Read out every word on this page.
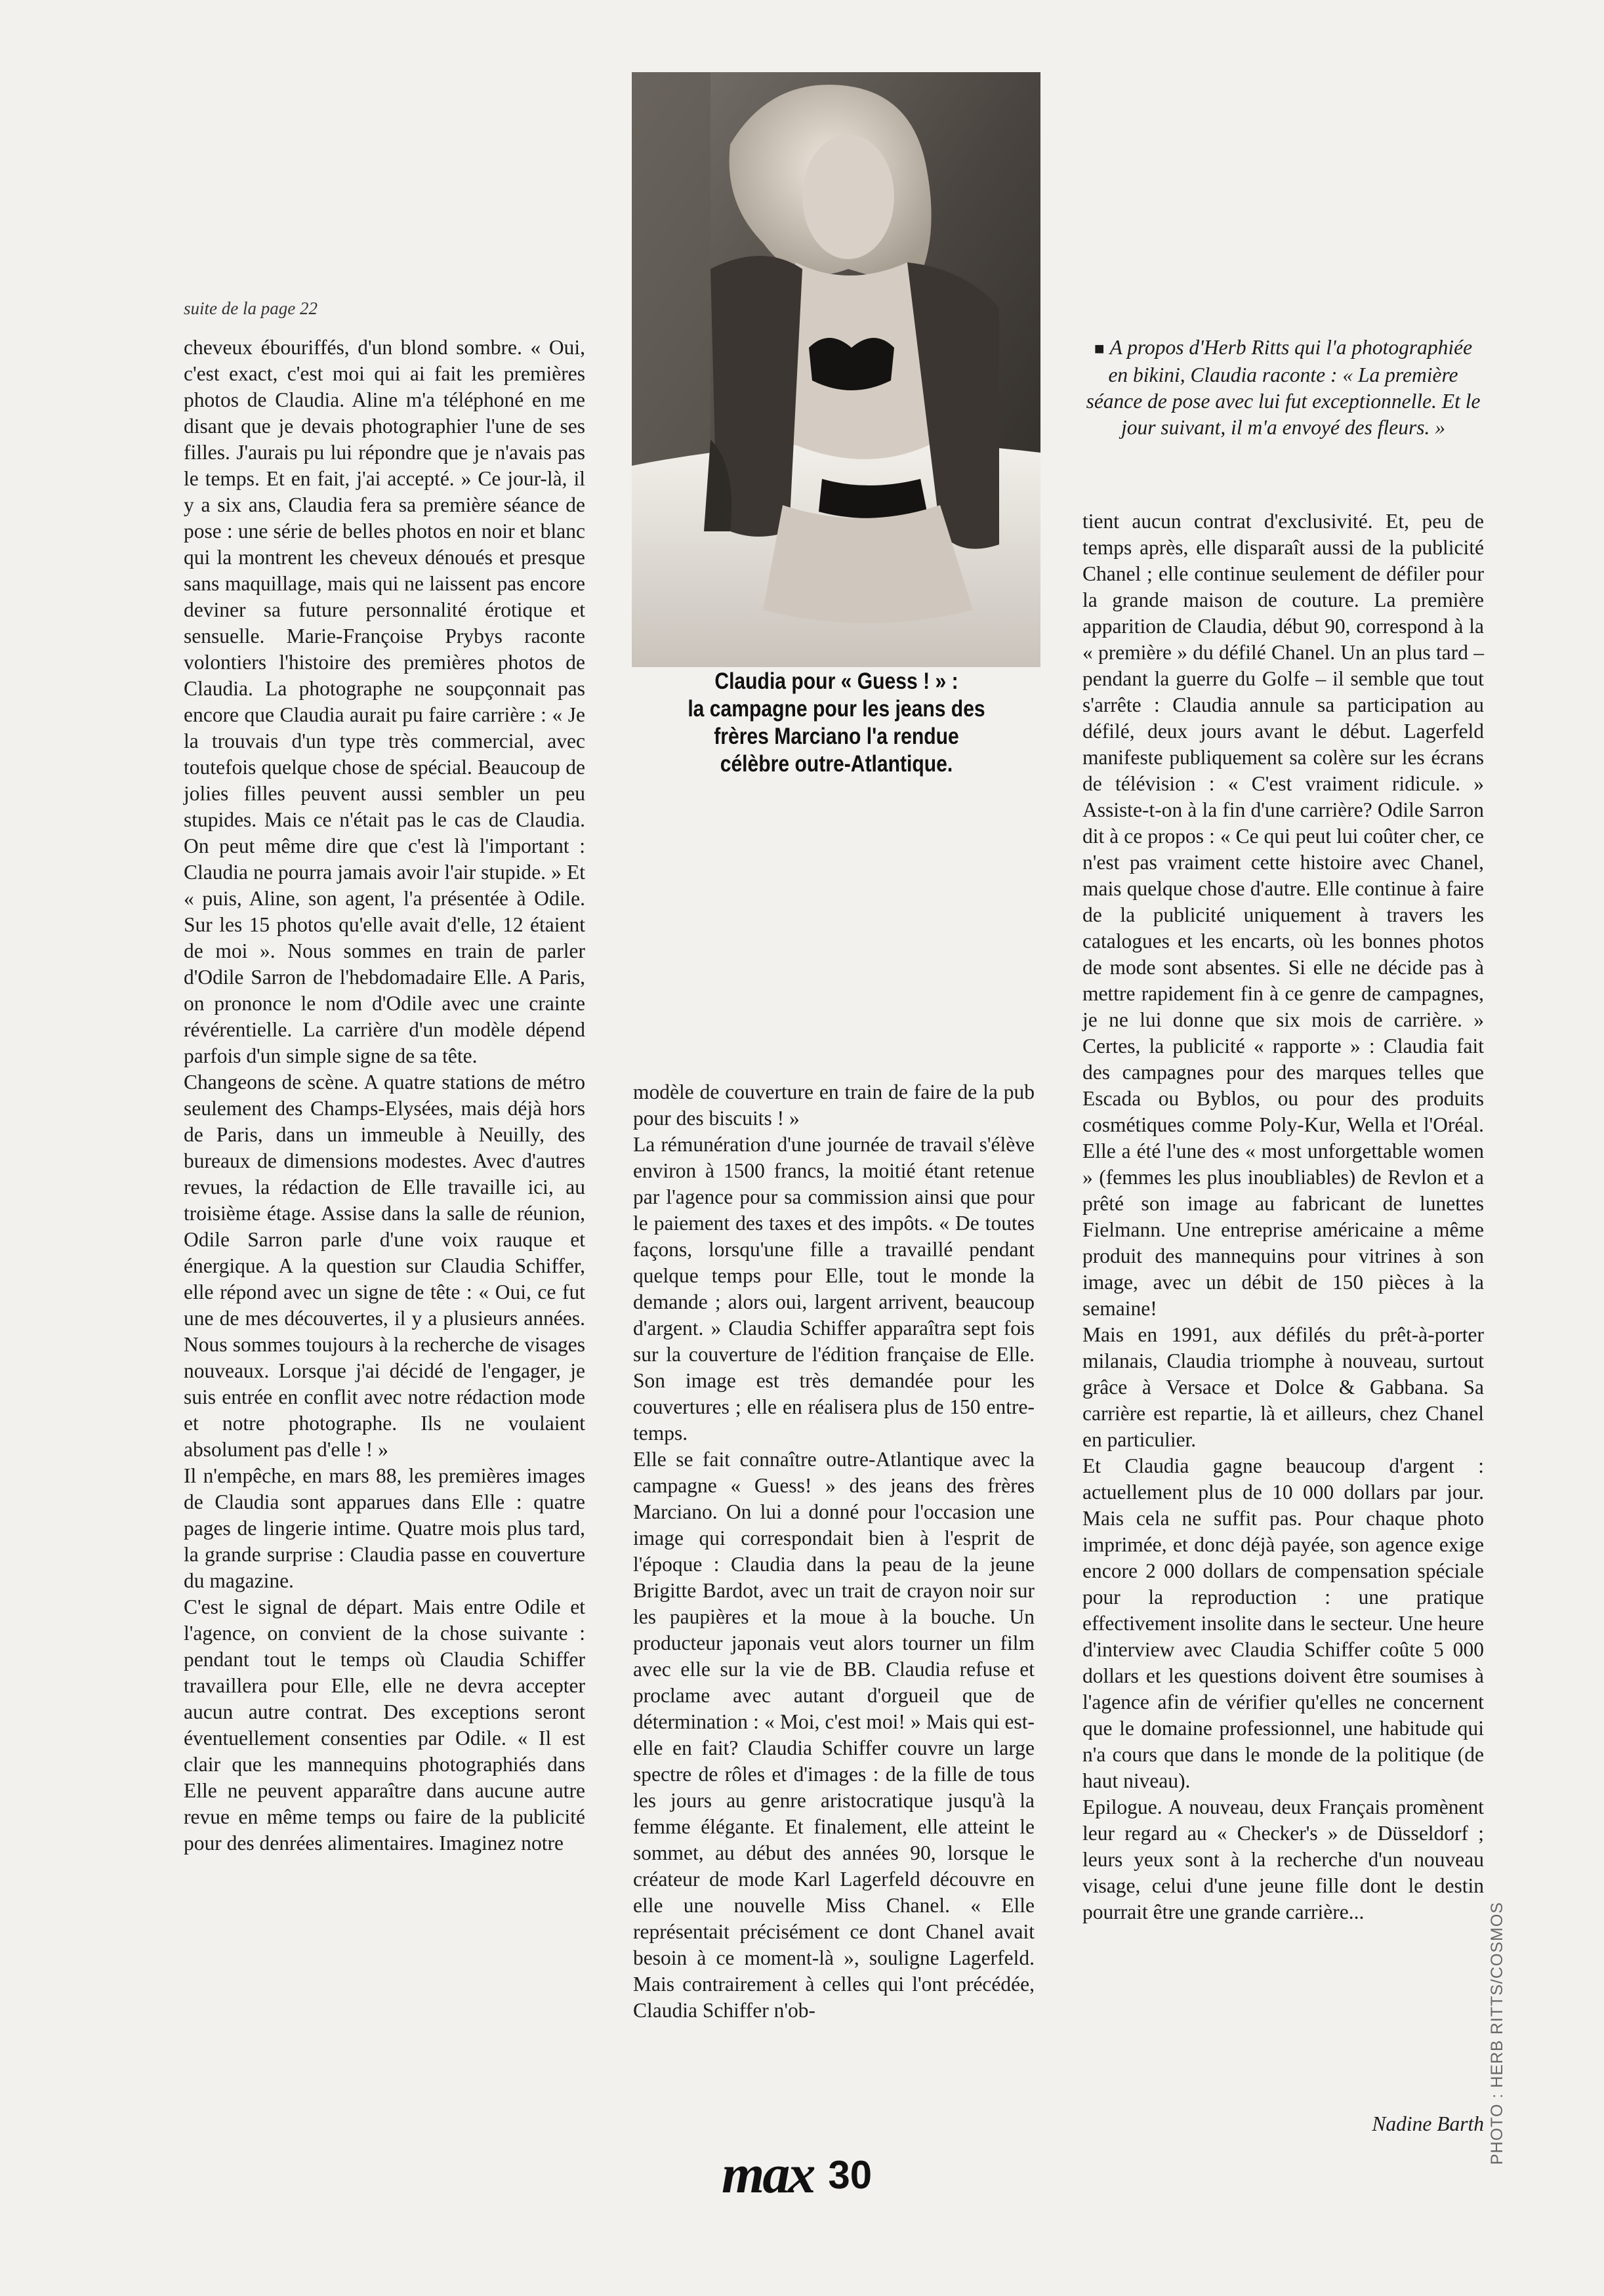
suite de la page 22

cheveux ébouriffés, d'un blond sombre. « Oui, c'est exact, c'est moi qui ai fait les premières photos de Claudia. Aline m'a téléphoné en me disant que je devais photographier l'une de ses filles. J'aurais pu lui répondre que je n'avais pas le temps. Et en fait, j'ai accepté. » Ce jour-là, il y a six ans, Claudia fera sa première séance de pose : une série de belles photos en noir et blanc qui la montrent les cheveux dénoués et presque sans maquillage, mais qui ne laissent pas encore deviner sa future personnalité érotique et sensuelle. Marie-Françoise Prybys raconte volontiers l'histoire des premières photos de Claudia. La photographe ne soupçonnait pas encore que Claudia aurait pu faire carrière : « Je la trouvais d'un type très commercial, avec toutefois quelque chose de spécial. Beaucoup de jolies filles peuvent aussi sembler un peu stupides. Mais ce n'était pas le cas de Claudia. On peut même dire que c'est là l'important : Claudia ne pourra jamais avoir l'air stupide. » Et « puis, Aline, son agent, l'a présentée à Odile. Sur les 15 photos qu'elle avait d'elle, 12 étaient de moi ». Nous sommes en train de parler d'Odile Sarron de l'hebdomadaire Elle. A Paris, on prononce le nom d'Odile avec une crainte révérentielle. La carrière d'un modèle dépend parfois d'un simple signe de sa tête.

Changeons de scène. A quatre stations de métro seulement des Champs-Elysées, mais déjà hors de Paris, dans un immeuble à Neuilly, des bureaux de dimensions modestes. Avec d'autres revues, la rédaction de Elle travaille ici, au troisième étage. Assise dans la salle de réunion, Odile Sarron parle d'une voix rauque et énergique. A la question sur Claudia Schiffer, elle répond avec un signe de tête : « Oui, ce fut une de mes découvertes, il y a plusieurs années. Nous sommes toujours à la recherche de visages nouveaux. Lorsque j'ai décidé de l'engager, je suis entrée en conflit avec notre rédaction mode et notre photographe. Ils ne voulaient absolument pas d'elle ! »

Il n'empêche, en mars 88, les premières images de Claudia sont apparues dans Elle : quatre pages de lingerie intime. Quatre mois plus tard, la grande surprise : Claudia passe en couverture du magazine.

C'est le signal de départ. Mais entre Odile et l'agence, on convient de la chose suivante : pendant tout le temps où Claudia Schiffer travaillera pour Elle, elle ne devra accepter aucun autre contrat. Des exceptions seront éventuellement consenties par Odile. « Il est clair que les mannequins photographiés dans Elle ne peuvent apparaître dans aucune autre revue en même temps ou faire de la publicité pour des denrées alimentaires. Imaginez notre

Claudia pour « Guess ! » :
la campagne pour les jeans des
frères Marciano l'a rendue
célèbre outre-Atlantique.

modèle de couverture en train de faire de la pub pour des biscuits ! »

La rémunération d'une journée de travail s'élève environ à 1500 francs, la moitié étant retenue par l'agence pour sa commission ainsi que pour le paiement des taxes et des impôts. « De toutes façons, lorsqu'une fille a travaillé pendant quelque temps pour Elle, tout le monde la demande ; alors oui, largent arrivent, beaucoup d'argent. » Claudia Schiffer apparaîtra sept fois sur la couverture de l'édition française de Elle. Son image est très demandée pour les couvertures ; elle en réalisera plus de 150 entre-temps.

Elle se fait connaître outre-Atlantique avec la campagne « Guess! » des jeans des frères Marciano. On lui a donné pour l'occasion une image qui correspondait bien à l'esprit de l'époque : Claudia dans la peau de la jeune Brigitte Bardot, avec un trait de crayon noir sur les paupières et la moue à la bouche. Un producteur japonais veut alors tourner un film avec elle sur la vie de BB. Claudia refuse et proclame avec autant d'orgueil que de détermination : « Moi, c'est moi! » Mais qui est-elle en fait? Claudia Schiffer couvre un large spectre de rôles et d'images : de la fille de tous les jours au genre aristocratique jusqu'à la femme élégante. Et finalement, elle atteint le sommet, au début des années 90, lorsque le créateur de mode Karl Lagerfeld découvre en elle une nouvelle Miss Chanel. « Elle représentait précisément ce dont Chanel avait besoin à ce moment-là », souligne Lagerfeld. Mais contrairement à celles qui l'ont précédée, Claudia Schiffer n'ob-

■ A propos d'Herb Ritts qui l'a photographiée en bikini, Claudia raconte : « La première séance de pose avec lui fut exceptionnelle. Et le jour suivant, il m'a envoyé des fleurs. »

tient aucun contrat d'exclusivité. Et, peu de temps après, elle disparaît aussi de la publicité Chanel ; elle continue seulement de défiler pour la grande maison de couture. La première apparition de Claudia, début 90, correspond à la « première » du défilé Chanel. Un an plus tard – pendant la guerre du Golfe – il semble que tout s'arrête : Claudia annule sa participation au défilé, deux jours avant le début. Lagerfeld manifeste publiquement sa colère sur les écrans de télévision : « C'est vraiment ridicule. » Assiste-t-on à la fin d'une carrière? Odile Sarron dit à ce propos : « Ce qui peut lui coûter cher, ce n'est pas vraiment cette histoire avec Chanel, mais quelque chose d'autre. Elle continue à faire de la publicité uniquement à travers les catalogues et les encarts, où les bonnes photos de mode sont absentes. Si elle ne décide pas à mettre rapidement fin à ce genre de campagnes, je ne lui donne que six mois de carrière. » Certes, la publicité « rapporte » : Claudia fait des campagnes pour des marques telles que Escada ou Byblos, ou pour des produits cosmétiques comme Poly-Kur, Wella et l'Oréal. Elle a été l'une des « most unforgettable women » (femmes les plus inoubliables) de Revlon et a prêté son image au fabricant de lunettes Fielmann. Une entreprise américaine a même produit des mannequins pour vitrines à son image, avec un débit de 150 pièces à la semaine!

Mais en 1991, aux défilés du prêt-à-porter milanais, Claudia triomphe à nouveau, surtout grâce à Versace et Dolce & Gabbana. Sa carrière est repartie, là et ailleurs, chez Chanel en particulier.

Et Claudia gagne beaucoup d'argent : actuellement plus de 10 000 dollars par jour. Mais cela ne suffit pas. Pour chaque photo imprimée, et donc déjà payée, son agence exige encore 2 000 dollars de compensation spéciale pour la reproduction : une pratique effectivement insolite dans le secteur. Une heure d'interview avec Claudia Schiffer coûte 5 000 dollars et les questions doivent être soumises à l'agence afin de vérifier qu'elles ne concernent que le domaine professionnel, une habitude qui n'a cours que dans le monde de la politique (de haut niveau).

Epilogue. A nouveau, deux Français promènent leur regard au « Checker's » de Düsseldorf ; leurs yeux sont à la recherche d'un nouveau visage, celui d'une jeune fille dont le destin pourrait être une grande carrière...

Nadine Barth PHOTO : HERB RITTS/COSMOS
max 30
